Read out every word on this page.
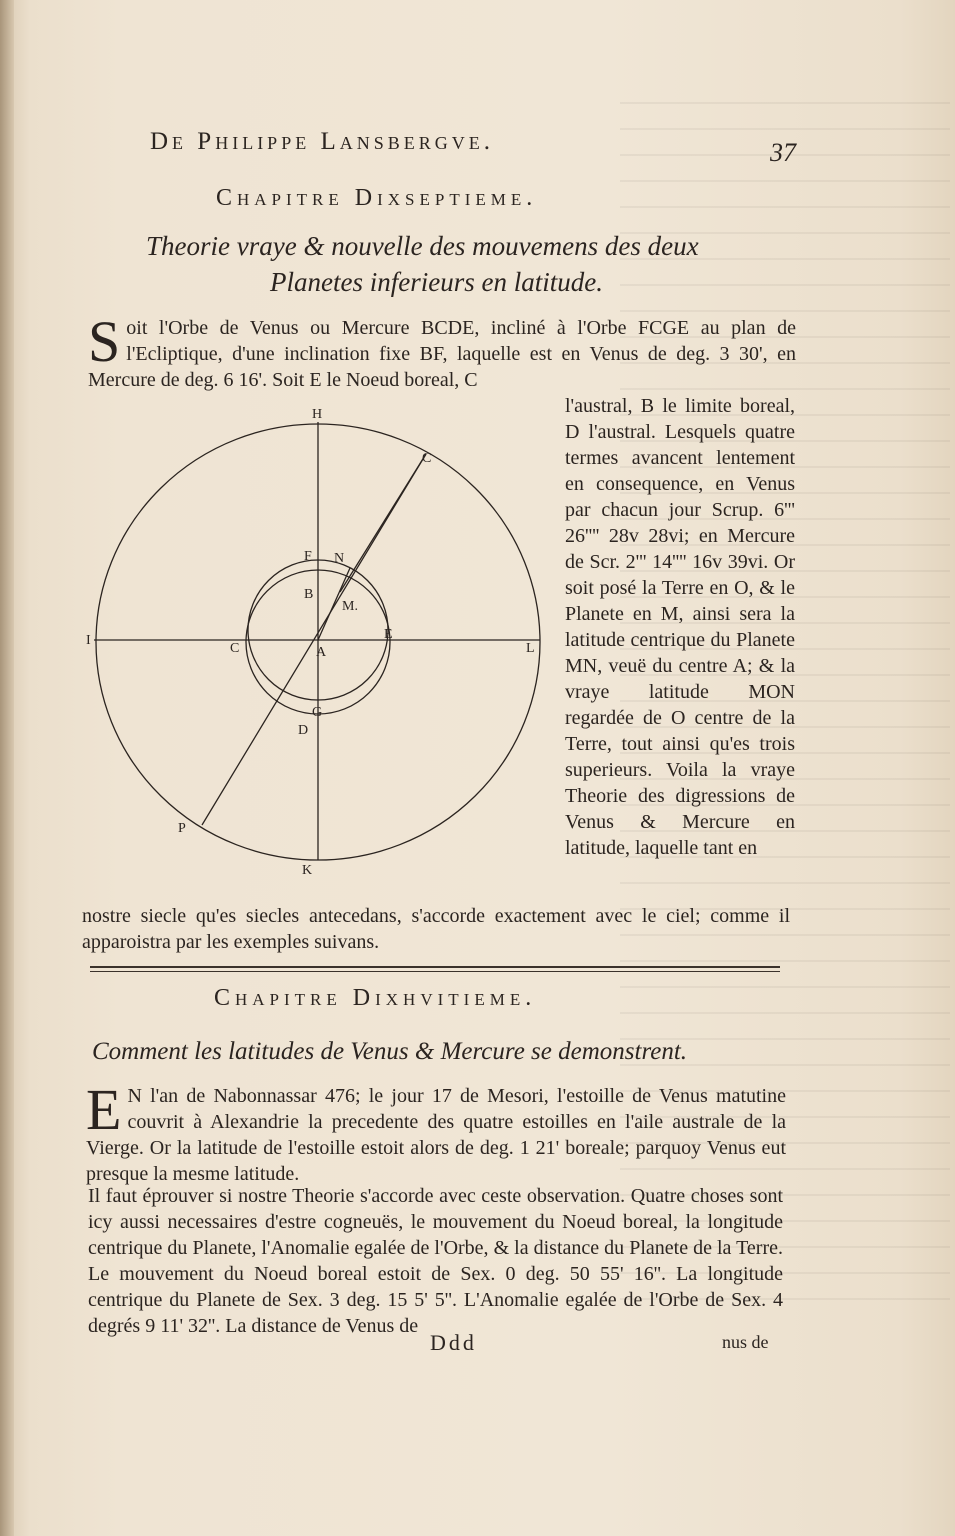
De Philippe Lansbergve.	37
Chapitre Dixseptieme.
Theorie vraye & nouvelle des mouvemens des deux
Planetes inferieurs en latitude.
Soit l'Orbe de Venus ou Mercure BCDE, incliné à l'Orbe FCGE au plan de l'Ecliptique, d'une inclination fixe BF, laquelle est en Venus de deg. 3 30', en Mercure de deg. 6 16'. Soit E le Noeud boreal, C
H
C
I
L
K
P
F N
B
M.
E
C	A
G
D
l'austral, B le limite boreal, D l'austral. Lesquels quatre termes avancent lentement en consequence, en Venus par chacun jour Scrup. 6''' 26'''' 28v 28vi; en Mercure de Scr. 2''' 14'''' 16v 39vi. Or soit posé la Terre en O, & le Planete en M, ainsi sera la latitude centrique du Planete MN, veuë du centre A; & la vraye latitude MON regardée de O centre de la Terre, tout ainsi qu'es trois superieurs. Voila la vraye Theorie des digressions de Venus & Mercure en latitude, laquelle tant en
nostre siecle qu'es siecles antecedans, s'accorde exactement avec le ciel; comme il apparoistra par les exemples suivans.
Chapitre Dixhvitieme.
Comment les latitudes de Venus & Mercure se demonstrent.
E N l'an de Nabonnassar 476; le jour 17 de Mesori, l'estoille de Venus matutine couvrit à Alexandrie la precedente des quatre estoilles en l'aile australe de la Vierge. Or la latitude de l'estoille estoit alors de deg. 1 21' boreale; parquoy Venus eut presque la mesme latitude.
Il faut éprouver si nostre Theorie s'accorde avec ceste observation. Quatre choses sont icy aussi necessaires d'estre cogneuës, le mouvement du Noeud boreal, la longitude centrique du Planete, l'Anomalie egalée de l'Orbe, & la distance du Planete de la Terre. Le mouvement du Noeud boreal estoit de Sex. 0 deg. 50 55' 16''. La longitude centrique du Planete de Sex. 3 deg. 15 5' 5''. L'Anomalie egalée de l'Orbe de Sex. 4 degrés 9 11' 32''. La distance de Venus de
Ddd	nus de
